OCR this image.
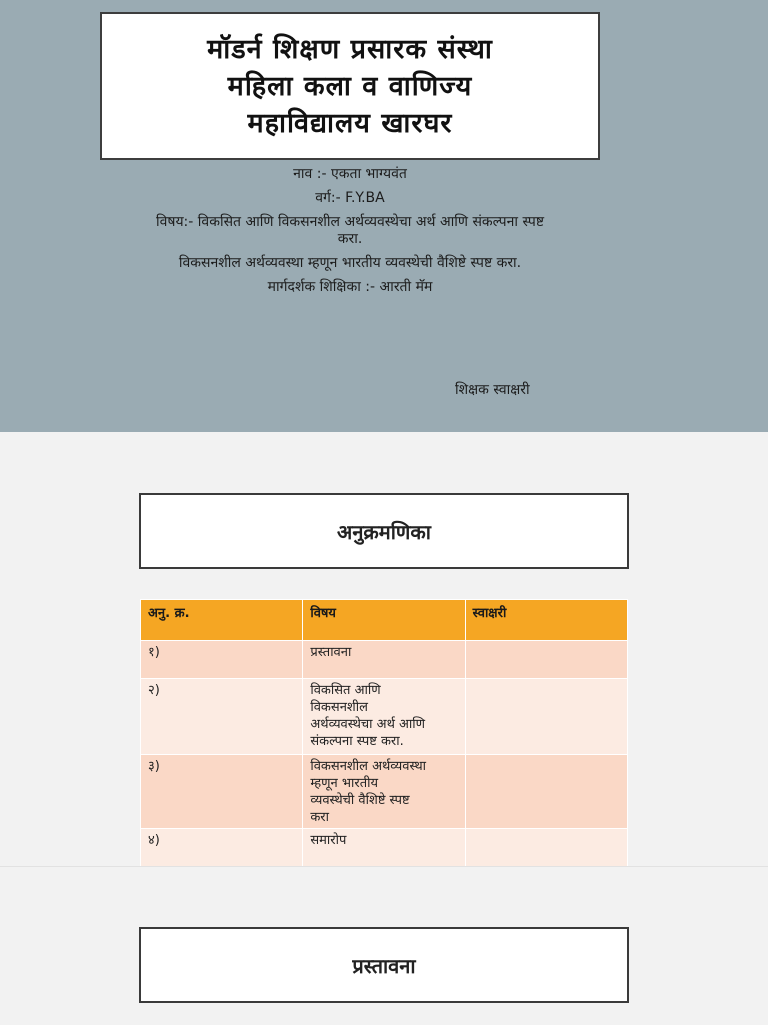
मॉडर्न शिक्षण प्रसारक संस्था
महिला कला व वाणिज्य
महाविद्यालय खारघर
नाव :- एकता भाग्यवंत
वर्ग:- F.Y.BA
विषय:- विकसित आणि विकसनशील अर्थव्यवस्थेचा अर्थ आणि संकल्पना स्पष्ट
करा.
विकसनशील अर्थव्यवस्था म्हणून भारतीय व्यवस्थेची वैशिष्टे स्पष्ट करा.
मार्गदर्शक शिक्षिका :- आरती मॅम
शिक्षक स्वाक्षरी
अनुक्रमणिका
अनु. क्र.	विषय	स्वाक्षरी
१)	प्रस्तावना	

२)	विकसित आणि
विकसनशील
अर्थव्यवस्थेचा अर्थ आणि
संकल्पना स्पष्ट करा.	

३)	विकसनशील अर्थव्यवस्था
म्हणून भारतीय
व्यवस्थेची वैशिष्टे स्पष्ट
करा	

४)	समारोप	

प्रस्तावना
